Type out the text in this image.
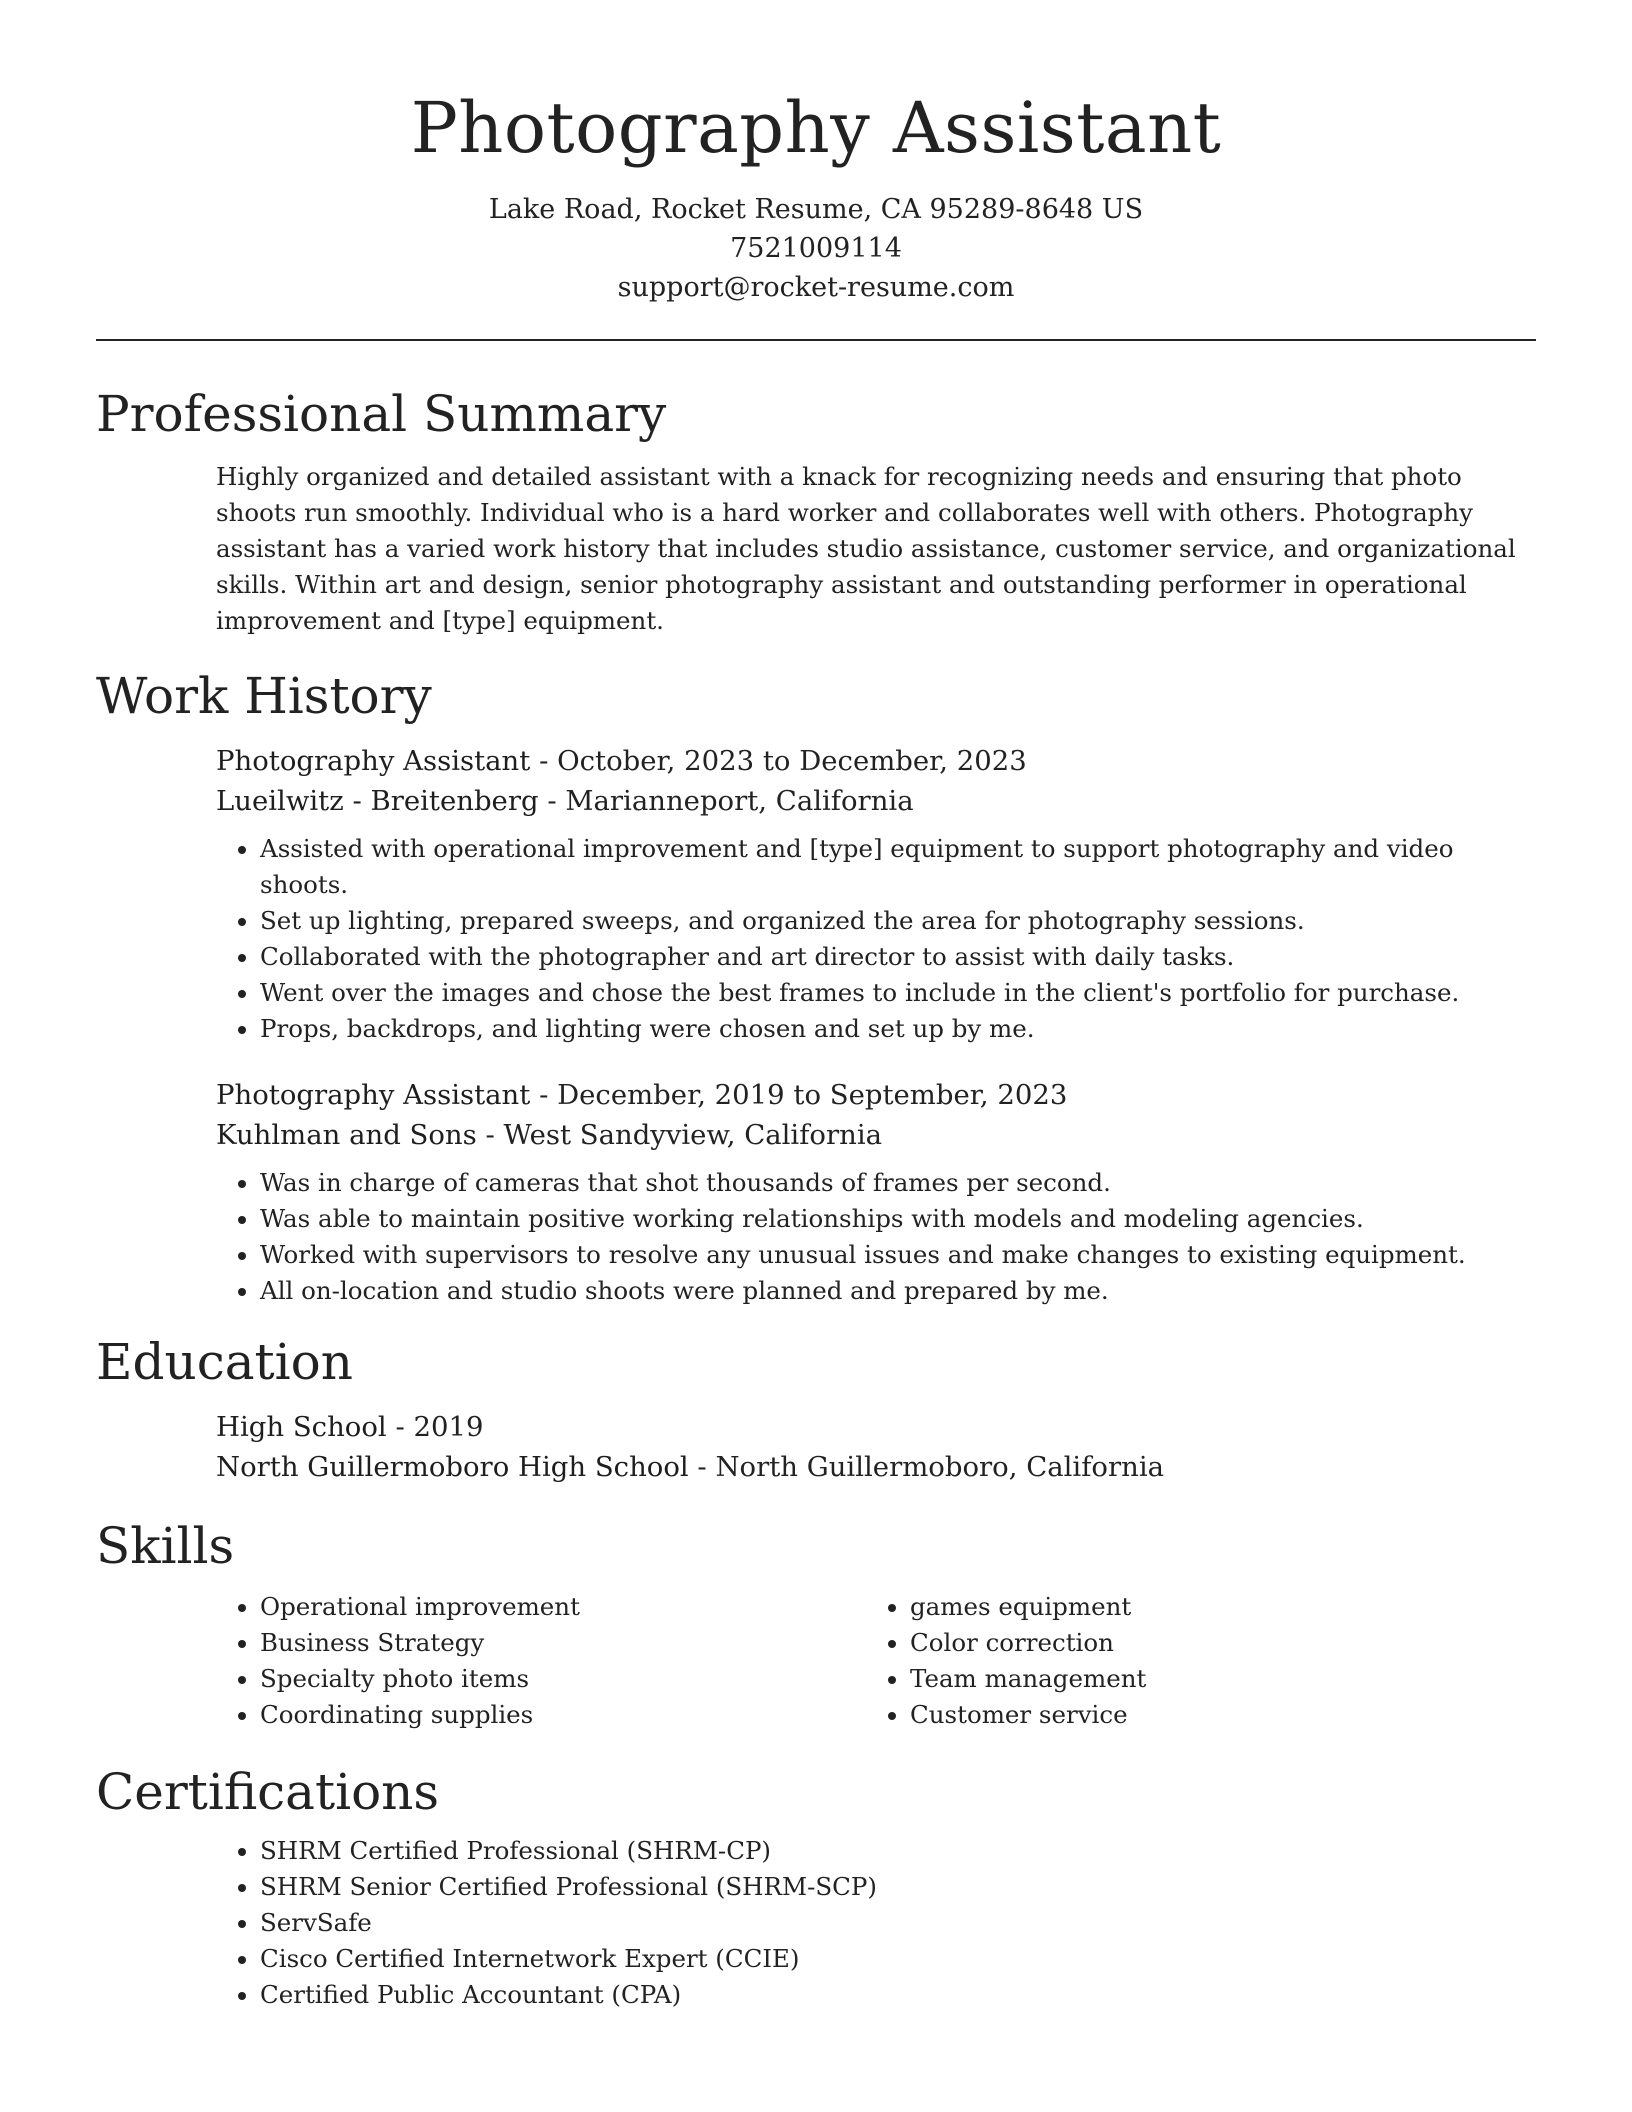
Photography Assistant
Lake Road, Rocket Resume, CA 95289-8648 US
7521009114
support@rocket-resume.com
Professional Summary
Highly organized and detailed assistant with a knack for recognizing needs and ensuring that photo shoots run smoothly. Individual who is a hard worker and collaborates well with others. Photography assistant has a varied work history that includes studio assistance, customer service, and organizational skills. Within art and design, senior photography assistant and outstanding performer in operational improvement and [type] equipment.
Work History
Photography Assistant - October, 2023 to December, 2023
Lueilwitz - Breitenberg - Marianneport, California
• Assisted with operational improvement and [type] equipment to support photography and video shoots.
• Set up lighting, prepared sweeps, and organized the area for photography sessions.
• Collaborated with the photographer and art director to assist with daily tasks.
• Went over the images and chose the best frames to include in the client's portfolio for purchase.
• Props, backdrops, and lighting were chosen and set up by me.
Photography Assistant - December, 2019 to September, 2023
Kuhlman and Sons - West Sandyview, California
• Was in charge of cameras that shot thousands of frames per second.
• Was able to maintain positive working relationships with models and modeling agencies.
• Worked with supervisors to resolve any unusual issues and make changes to existing equipment.
• All on-location and studio shoots were planned and prepared by me.
Education
High School - 2019
North Guillermoboro High School - North Guillermoboro, California
Skills
• Operational improvement
• Business Strategy
• Specialty photo items
• Coordinating supplies
• games equipment
• Color correction
• Team management
• Customer service
Certifications
• SHRM Certified Professional (SHRM-CP)
• SHRM Senior Certified Professional (SHRM-SCP)
• ServSafe
• Cisco Certified Internetwork Expert (CCIE)
• Certified Public Accountant (CPA)
